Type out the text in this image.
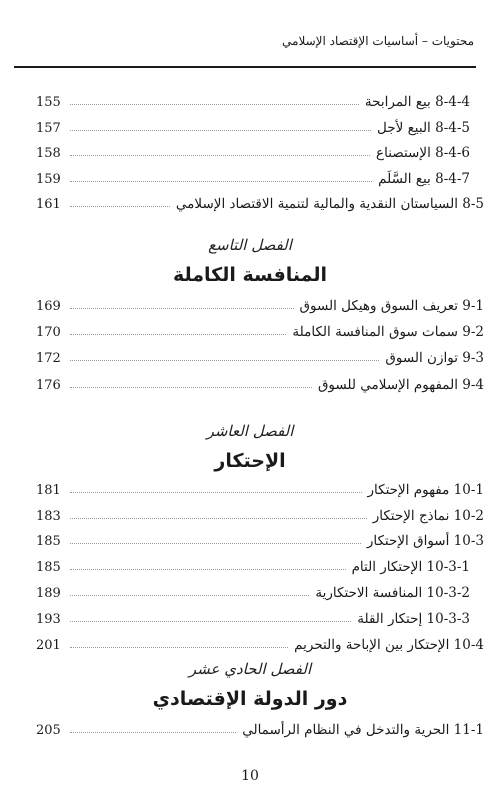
محتويات – أساسيات الإقتصاد الإسلامي
8-4-4 بيع المرابحة
155
8-4-5 البيع لأجل
157
8-4-6 الإستصناع
158
8-4-7 بيع السَّلَم
159
8-5 السياستان النقدية والمالية لتنمية الاقتصاد الإسلامي
161
الفصل التاسع
المنافسة الكاملة
9-1 تعريف السوق وهيكل السوق
169
9-2 سمات سوق المنافسة الكاملة
170
9-3 توازن السوق
172
9-4 المفهوم الإسلامي للسوق
176
الفصل العاشر
الإحتكار
10-1 مفهوم الإحتكار
181
10-2 نماذج الإحتكار
183
10-3 أسواق الإحتكار
185
10-3-1 الإحتكار التام
185
10-3-2 المنافسة الاحتكارية
189
10-3-3 إحتكار القلة
193
10-4 الإحتكار بين الإباحة والتحريم
201
الفصل الحادي عشر
دور الدولة الإقتصادي
11-1 الحرية والتدخل في النظام الرأسمالي
205
10
